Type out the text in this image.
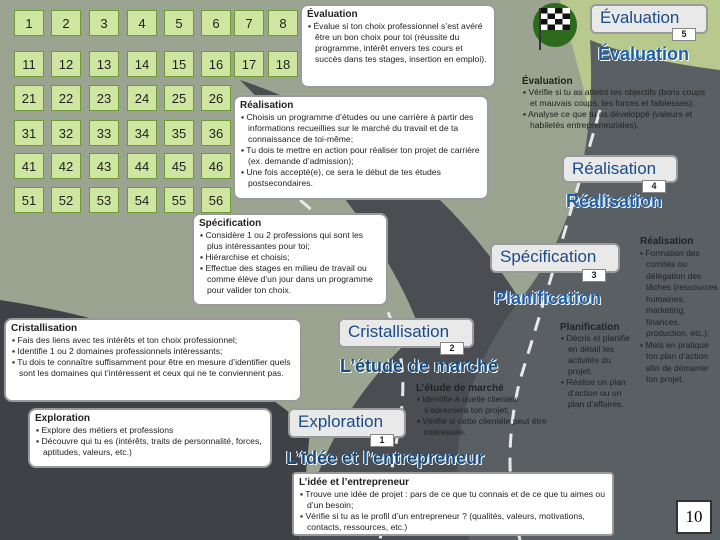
1	2	3	4	5	6	7	8
11	12	13	14	15	16	17	18
21	22	23	24	25	26
31	32	33	34	35	36
41	42	43	44	45	46
51	52	53	54	55	56
Évaluation
▪ Évalue si ton choix professionnel s’est avéré être un bon choix pour toi (réussite du programme, intérêt envers tes cours et succès dans tes stages, insertion en emploi).
Réalisation
▪ Choisis un programme d’études ou une carrière à partir des informations recueillies sur le marché du travail et de ta connaissance de toi-même;
▪ Tu dois te mettre en action pour réaliser ton projet de carrière (ex. demande d’admission);
▪ Une fois accepté(e), ce sera le début de tes études postsecondaires.
Spécification
▪ Considère 1 ou 2 professions qui sont les plus intéressantes pour toi;
▪ Hiérarchise et choisis;
▪ Effectue des stages en milieu de travail ou comme élève d’un jour dans un programme pour valider ton choix.
Cristallisation
▪ Fais des liens avec tes intérêts et ton choix professionnel;
▪ Identifie 1 ou 2 domaines professionnels intéressants;
▪ Tu dois te connaître suffisamment pour être en mesure d’identifier quels sont les domaines qui t’intéressent et ceux qui ne te conviennent pas.
Exploration
▪ Explore des métiers et professions
▪ Découvre qui tu es (intérêts, traits de personnalité, forces, aptitudes, valeurs, etc.)
Évaluation
5
Évaluation
Réalisation
4
Réalisation
Spécification
3
Planification
Cristallisation
2
L’étude de marché
Exploration
1
L’idée et l’entrepreneur
Évaluation
▪ Vérifie si tu as atteint tes objectifs (bons coups et mauvais coups, tes forces et faiblesses);
▪ Analyse ce que tu as développé (valeurs et habiletés entrepreneuriales).
Réalisation
▪ Formation des comités ou délégation des tâches (ressources humaines, marketing, finances, production, etc.);
▪ Mets en pratique ton plan d’action afin de démarrer ton projet.
Planification
▪ Décris et planifie en détail les activités du projet;
▪ Réalise un plan d’action ou un plan d’affaires.
L’étude de marché
▪ Identifie à quelle clientèle s’adressera ton projet;
▪ Vérifie si cette clientèle peut être intéressée.
L’idée et l’entrepreneur
▪ Trouve une idée de projet : pars de ce que tu connais et de ce que tu aimes ou d’un besoin;
▪ Vérifie si tu as le profil d’un entrepreneur ? (qualités, valeurs, motivations, contacts, ressources, etc.)
10
